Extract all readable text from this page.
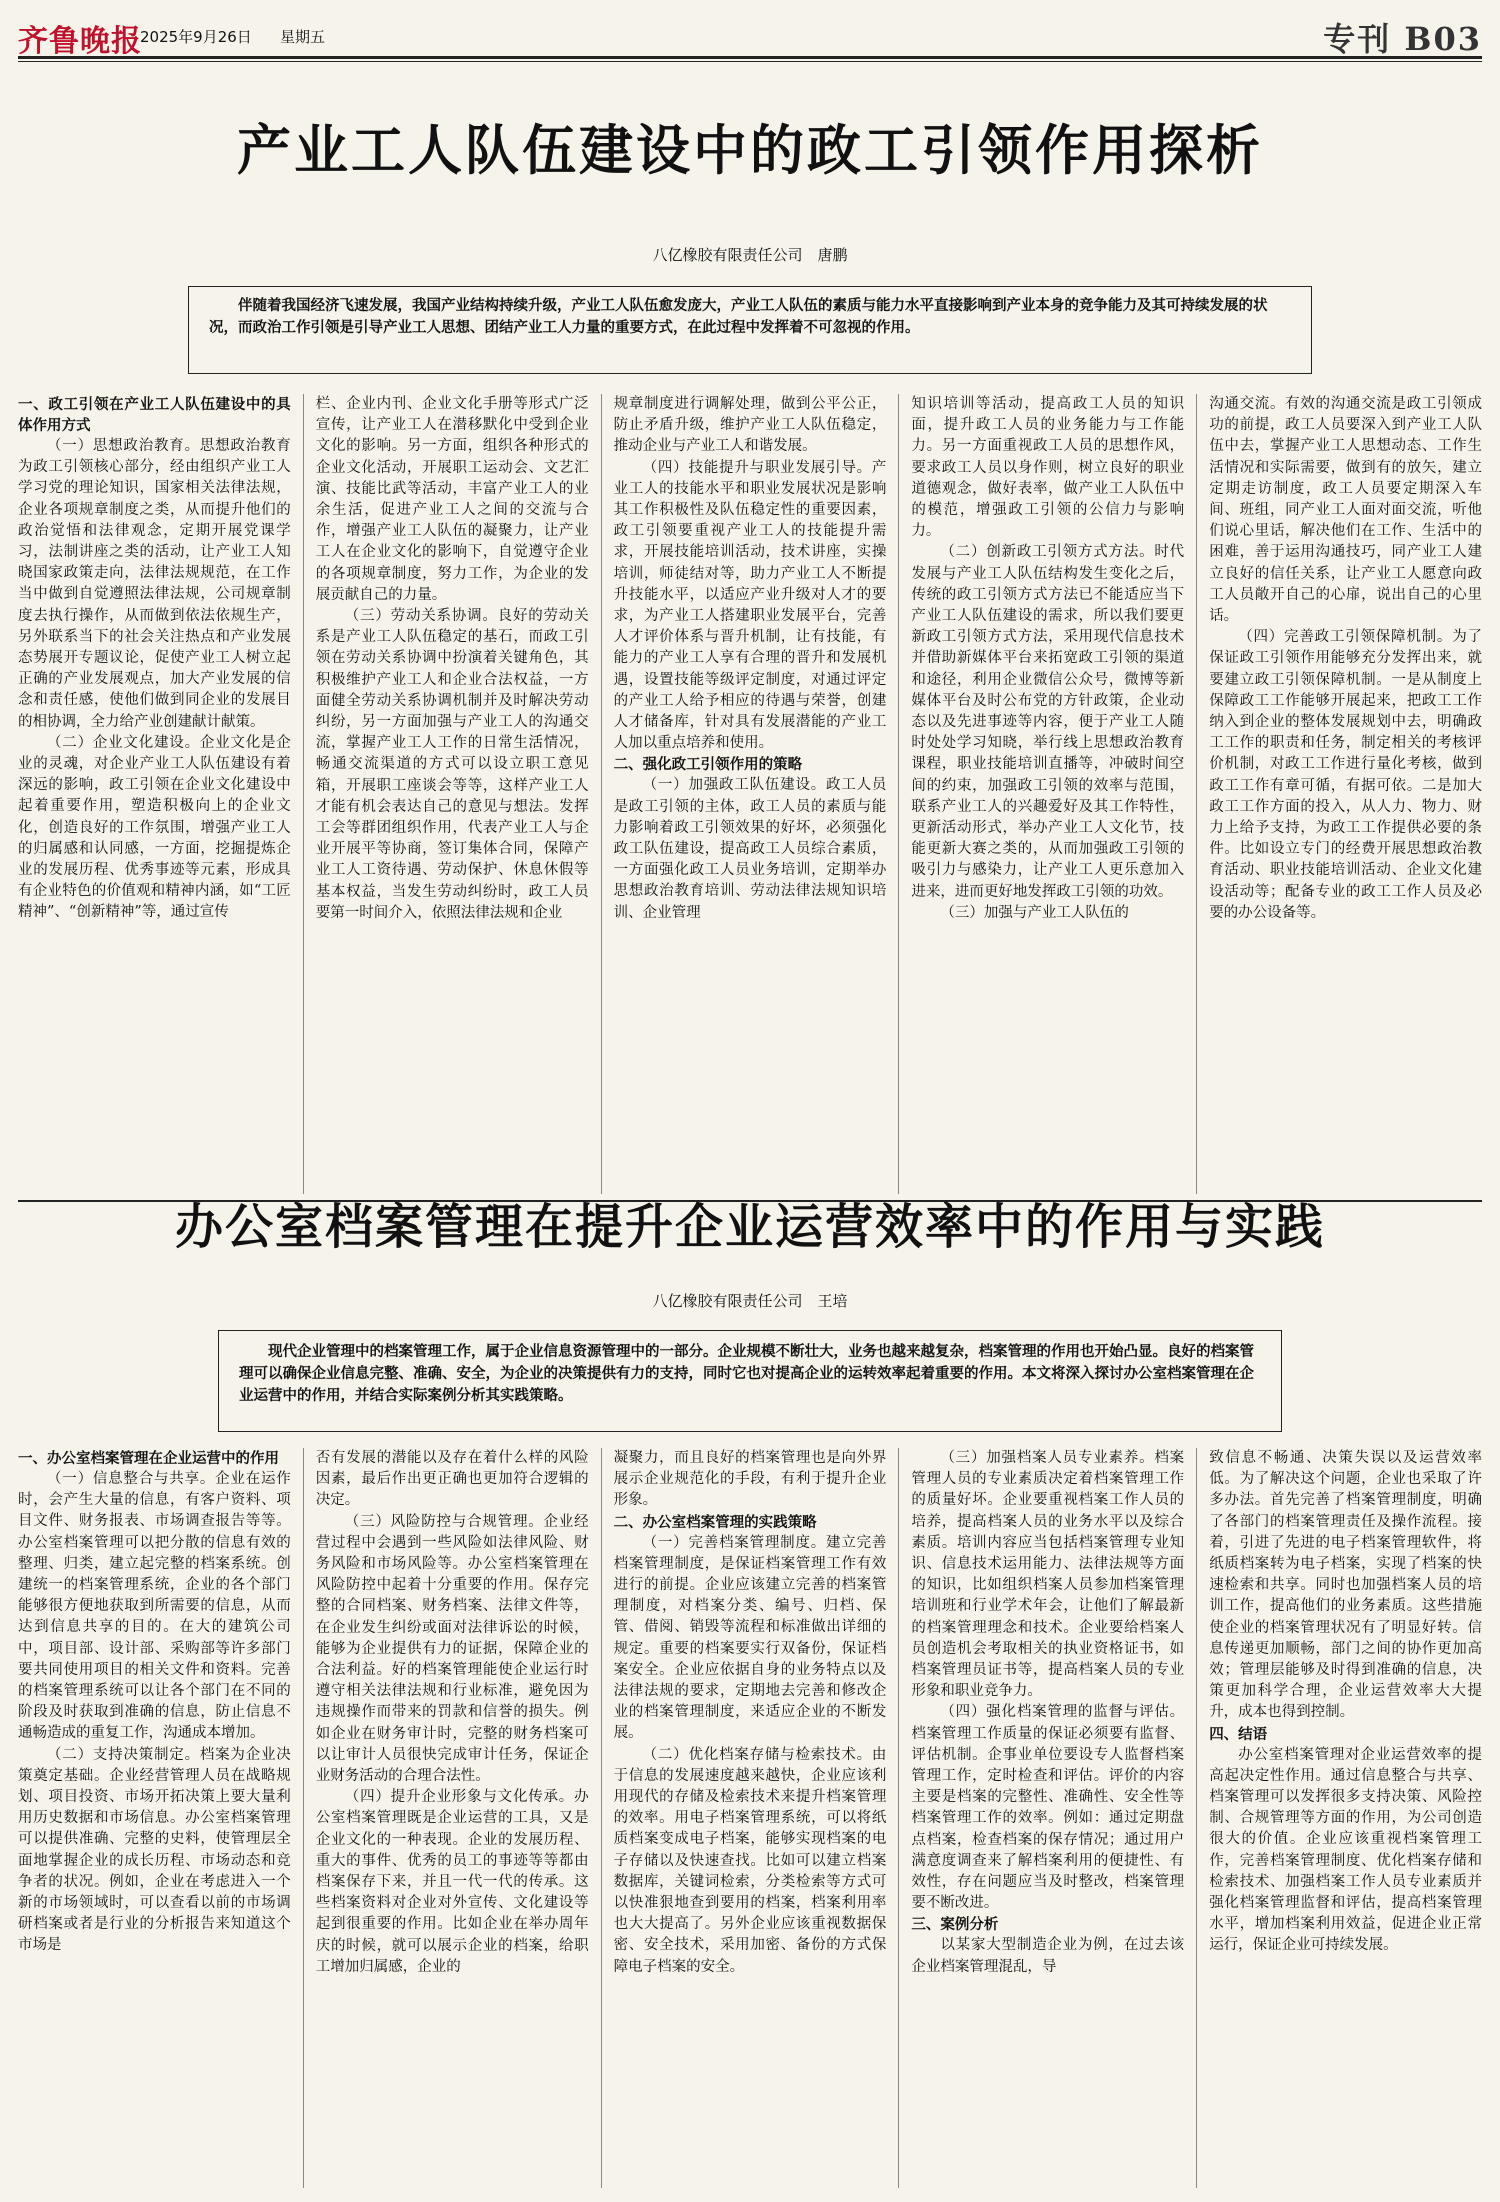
齐鲁晚报
2025年9月26日 星期五	专刊 B03
产业工人队伍建设中的政工引领作用探析
八亿橡胶有限责任公司　唐鹏
伴随着我国经济飞速发展，我国产业结构持续升级，产业工人队伍愈发庞大，产业工人队伍的素质与能力水平直接影响到产业本身的竞争能力及其可持续发展的状况，而政治工作引领是引导产业工人思想、团结产业工人力量的重要方式，在此过程中发挥着不可忽视的作用。
一、政工引领在产业工人队伍建设中的具体作用方式

（一）思想政治教育。思想政治教育为政工引领核心部分，经由组织产业工人学习党的理论知识，国家相关法律法规，企业各项规章制度之类，从而提升他们的政治觉悟和法律观念，定期开展党课学习，法制讲座之类的活动，让产业工人知晓国家政策走向，法律法规规范，在工作当中做到自觉遵照法律法规，公司规章制度去执行操作，从而做到依法依规生产，另外联系当下的社会关注热点和产业发展态势展开专题议论，促使产业工人树立起正确的产业发展观点，加大产业发展的信念和责任感，使他们做到同企业的发展目的相协调，全力给产业创建献计献策。

（二）企业文化建设。企业文化是企业的灵魂，对企业产业工人队伍建设有着深远的影响，政工引领在企业文化建设中起着重要作用，塑造积极向上的企业文化，创造良好的工作氛围，增强产业工人的归属感和认同感，一方面，挖掘提炼企业的发展历程、优秀事迹等元素，形成具有企业特色的价值观和精神内涵，如“工匠精神”、“创新精神”等，通过宣传

栏、企业内刊、企业文化手册等形式广泛宣传，让产业工人在潜移默化中受到企业文化的影响。另一方面，组织各种形式的企业文化活动，开展职工运动会、文艺汇演、技能比武等活动，丰富产业工人的业余生活，促进产业工人之间的交流与合作，增强产业工人队伍的凝聚力，让产业工人在企业文化的影响下，自觉遵守企业的各项规章制度，努力工作，为企业的发展贡献自己的力量。

（三）劳动关系协调。良好的劳动关系是产业工人队伍稳定的基石，而政工引领在劳动关系协调中扮演着关键角色，其积极维护产业工人和企业合法权益，一方面健全劳动关系协调机制并及时解决劳动纠纷，另一方面加强与产业工人的沟通交流，掌握产业工人工作的日常生活情况，畅通交流渠道的方式可以设立职工意见箱，开展职工座谈会等等，这样产业工人才能有机会表达自己的意见与想法。发挥工会等群团组织作用，代表产业工人与企业开展平等协商，签订集体合同，保障产业工人工资待遇、劳动保护、休息休假等基本权益，当发生劳动纠纷时，政工人员要第一时间介入，依照法律法规和企业

规章制度进行调解处理，做到公平公正，防止矛盾升级，维护产业工人队伍稳定，推动企业与产业工人和谐发展。

（四）技能提升与职业发展引导。产业工人的技能水平和职业发展状况是影响其工作积极性及队伍稳定性的重要因素，政工引领要重视产业工人的技能提升需求，开展技能培训活动，技术讲座，实操培训，师徒结对等，助力产业工人不断提升技能水平，以适应产业升级对人才的要求，为产业工人搭建职业发展平台，完善人才评价体系与晋升机制，让有技能，有能力的产业工人享有合理的晋升和发展机遇，设置技能等级评定制度，对通过评定的产业工人给予相应的待遇与荣誉，创建人才储备库，针对具有发展潜能的产业工人加以重点培养和使用。

二、强化政工引领作用的策略

（一）加强政工队伍建设。政工人员是政工引领的主体，政工人员的素质与能力影响着政工引领效果的好坏，必须强化政工队伍建设，提高政工人员综合素质，一方面强化政工人员业务培训，定期举办思想政治教育培训、劳动法律法规知识培训、企业管理

知识培训等活动，提高政工人员的知识面，提升政工人员的业务能力与工作能力。另一方面重视政工人员的思想作风，要求政工人员以身作则，树立良好的职业道德观念，做好表率，做产业工人队伍中的模范，增强政工引领的公信力与影响力。

（二）创新政工引领方式方法。时代发展与产业工人队伍结构发生变化之后，传统的政工引领方式方法已不能适应当下产业工人队伍建设的需求，所以我们要更新政工引领方式方法，采用现代信息技术并借助新媒体平台来拓宽政工引领的渠道和途径，利用企业微信公众号，微博等新媒体平台及时公布党的方针政策，企业动态以及先进事迹等内容，便于产业工人随时处处学习知晓，举行线上思想政治教育课程，职业技能培训直播等，冲破时间空间的约束，加强政工引领的效率与范围，联系产业工人的兴趣爱好及其工作特性，更新活动形式，举办产业工人文化节，技能更新大赛之类的，从而加强政工引领的吸引力与感染力，让产业工人更乐意加入进来，进而更好地发挥政工引领的功效。

（三）加强与产业工人队伍的

沟通交流。有效的沟通交流是政工引领成功的前提，政工人员要深入到产业工人队伍中去，掌握产业工人思想动态、工作生活情况和实际需要，做到有的放矢，建立定期走访制度，政工人员要定期深入车间、班组，同产业工人面对面交流，听他们说心里话，解决他们在工作、生活中的困难，善于运用沟通技巧，同产业工人建立良好的信任关系，让产业工人愿意向政工人员敞开自己的心扉，说出自己的心里话。

（四）完善政工引领保障机制。为了保证政工引领作用能够充分发挥出来，就要建立政工引领保障机制。一是从制度上保障政工工作能够开展起来，把政工工作纳入到企业的整体发展规划中去，明确政工工作的职责和任务，制定相关的考核评价机制，对政工工作进行量化考核，做到政工工作有章可循，有据可依。二是加大政工工作方面的投入，从人力、物力、财力上给予支持，为政工工作提供必要的条件。比如设立专门的经费开展思想政治教育活动、职业技能培训活动、企业文化建设活动等；配备专业的政工工作人员及必要的办公设备等。

办公室档案管理在提升企业运营效率中的作用与实践
八亿橡胶有限责任公司　王培
现代企业管理中的档案管理工作，属于企业信息资源管理中的一部分。企业规模不断壮大，业务也越来越复杂，档案管理的作用也开始凸显。良好的档案管理可以确保企业信息完整、准确、安全，为企业的决策提供有力的支持，同时它也对提高企业的运转效率起着重要的作用。本文将深入探讨办公室档案管理在企业运营中的作用，并结合实际案例分析其实践策略。
一、办公室档案管理在企业运营中的作用

（一）信息整合与共享。企业在运作时，会产生大量的信息，有客户资料、项目文件、财务报表、市场调查报告等等。办公室档案管理可以把分散的信息有效的整理、归类，建立起完整的档案系统。创建统一的档案管理系统，企业的各个部门能够很方便地获取到所需要的信息，从而达到信息共享的目的。在大的建筑公司中，项目部、设计部、采购部等许多部门要共同使用项目的相关文件和资料。完善的档案管理系统可以让各个部门在不同的阶段及时获取到准确的信息，防止信息不通畅造成的重复工作，沟通成本增加。

（二）支持决策制定。档案为企业决策奠定基础。企业经营管理人员在战略规划、项目投资、市场开拓决策上要大量利用历史数据和市场信息。办公室档案管理可以提供准确、完整的史料，使管理层全面地掌握企业的成长历程、市场动态和竞争者的状况。例如，企业在考虑进入一个新的市场领域时，可以查看以前的市场调研档案或者是行业的分析报告来知道这个市场是

否有发展的潜能以及存在着什么样的风险因素，最后作出更正确也更加符合逻辑的决定。

（三）风险防控与合规管理。企业经营过程中会遇到一些风险如法律风险、财务风险和市场风险等。办公室档案管理在风险防控中起着十分重要的作用。保存完整的合同档案、财务档案、法律文件等，在企业发生纠纷或面对法律诉讼的时候，能够为企业提供有力的证据，保障企业的合法利益。好的档案管理能使企业运行时遵守相关法律法规和行业标准，避免因为违规操作而带来的罚款和信誉的损失。例如企业在财务审计时，完整的财务档案可以让审计人员很快完成审计任务，保证企业财务活动的合理合法性。

（四）提升企业形象与文化传承。办公室档案管理既是企业运营的工具，又是企业文化的一种表现。企业的发展历程、重大的事件、优秀的员工的事迹等等都由档案保存下来，并且一代一代的传承。这些档案资料对企业对外宣传、文化建设等起到很重要的作用。比如企业在举办周年庆的时候，就可以展示企业的档案，给职工增加归属感，企业的

凝聚力，而且良好的档案管理也是向外界展示企业规范化的手段，有利于提升企业形象。

二、办公室档案管理的实践策略

（一）完善档案管理制度。建立完善档案管理制度，是保证档案管理工作有效进行的前提。企业应该建立完善的档案管理制度，对档案分类、编号、归档、保管、借阅、销毁等流程和标准做出详细的规定。重要的档案要实行双备份，保证档案安全。企业应依据自身的业务特点以及法律法规的要求，定期地去完善和修改企业的档案管理制度，来适应企业的不断发展。

（二）优化档案存储与检索技术。由于信息的发展速度越来越快，企业应该利用现代的存储及检索技术来提升档案管理的效率。用电子档案管理系统，可以将纸质档案变成电子档案，能够实现档案的电子存储以及快速查找。比如可以建立档案数据库，关键词检索，分类检索等方式可以快准狠地查到要用的档案，档案利用率也大大提高了。另外企业应该重视数据保密、安全技术，采用加密、备份的方式保障电子档案的安全。

（三）加强档案人员专业素养。档案管理人员的专业素质决定着档案管理工作的质量好坏。企业要重视档案工作人员的培养，提高档案人员的业务水平以及综合素质。培训内容应当包括档案管理专业知识、信息技术运用能力、法律法规等方面的知识，比如组织档案人员参加档案管理培训班和行业学术年会，让他们了解最新的档案管理理念和技术。企业要给档案人员创造机会考取相关的执业资格证书，如档案管理员证书等，提高档案人员的专业形象和职业竞争力。

（四）强化档案管理的监督与评估。档案管理工作质量的保证必须要有监督、评估机制。企事业单位要设专人监督档案管理工作，定时检查和评估。评价的内容主要是档案的完整性、准确性、安全性等档案管理工作的效率。例如：通过定期盘点档案，检查档案的保存情况；通过用户满意度调查来了解档案利用的便捷性、有效性，存在问题应当及时整改，档案管理要不断改进。

三、案例分析

以某家大型制造企业为例，在过去该企业档案管理混乱，导

致信息不畅通、决策失误以及运营效率低。为了解决这个问题，企业也采取了许多办法。首先完善了档案管理制度，明确了各部门的档案管理责任及操作流程。接着，引进了先进的电子档案管理软件，将纸质档案转为电子档案，实现了档案的快速检索和共享。同时也加强档案人员的培训工作，提高他们的业务素质。这些措施使企业的档案管理状况有了明显好转。信息传递更加顺畅，部门之间的协作更加高效；管理层能够及时得到准确的信息，决策更加科学合理，企业运营效率大大提升，成本也得到控制。

四、结语

办公室档案管理对企业运营效率的提高起决定性作用。通过信息整合与共享、档案管理可以发挥很多支持决策、风险控制、合规管理等方面的作用，为公司创造很大的价值。企业应该重视档案管理工作，完善档案管理制度、优化档案存储和检索技术、加强档案工作人员专业素质并强化档案管理监督和评估，提高档案管理水平，增加档案利用效益，促进企业正常运行，保证企业可持续发展。
